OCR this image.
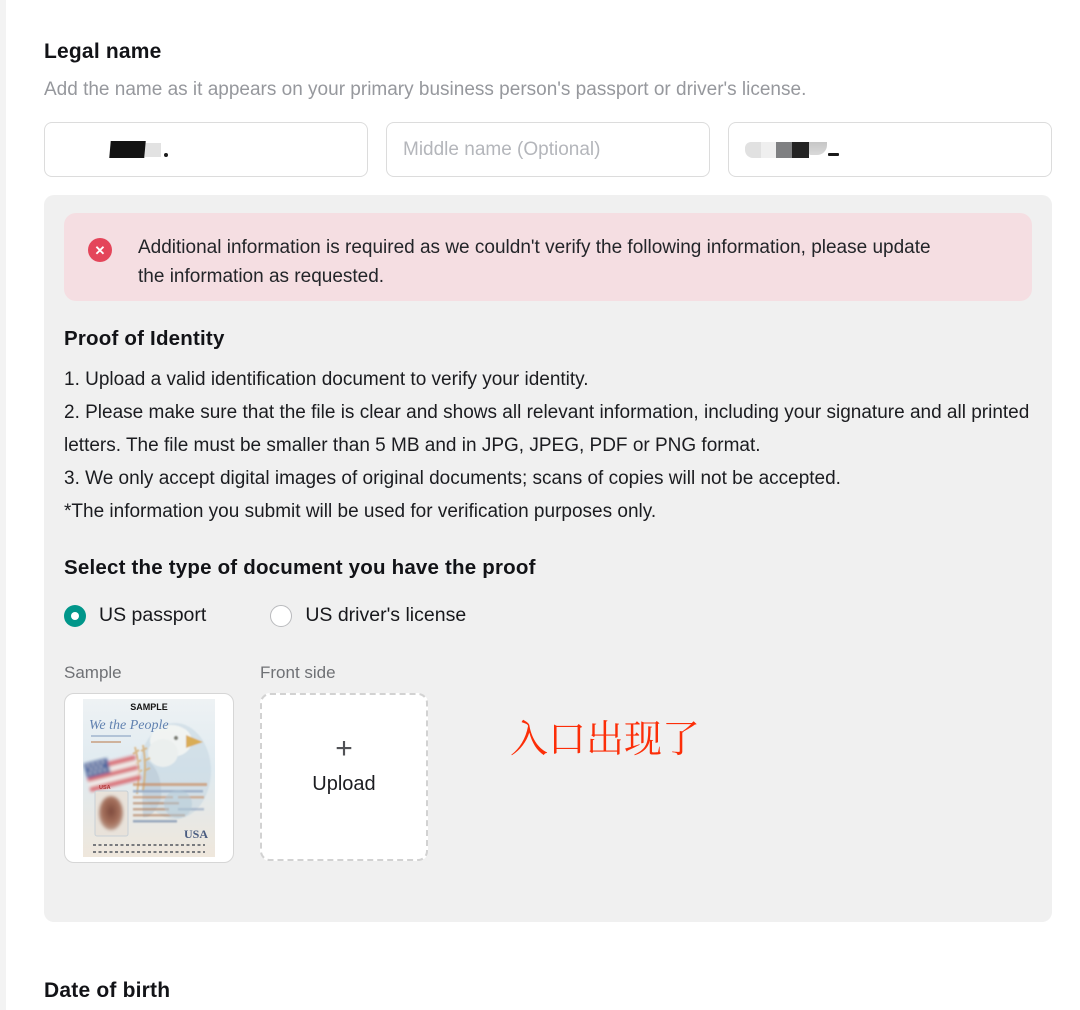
Legal name
Add the name as it appears on your primary business person's passport or driver's license.
Middle name (Optional)
✕	Additional information is required as we couldn't verify the following information, please update the information as requested.
Proof of Identity
1. Upload a valid identification document to verify your identity.
2. Please make sure that the file is clear and shows all relevant information, including your signature and all printed letters. The file must be smaller than 5 MB and in JPG, JPEG, PDF or PNG format.
3. We only accept digital images of original documents; scans of copies will not be accepted.
*The information you submit will be used for verification purposes only.
Select the type of document you have the proof
US passport	US driver's license
Sample
SAMPLE
We the People
USA
USA
Front side
+
Upload
入口出现了
Date of birth
